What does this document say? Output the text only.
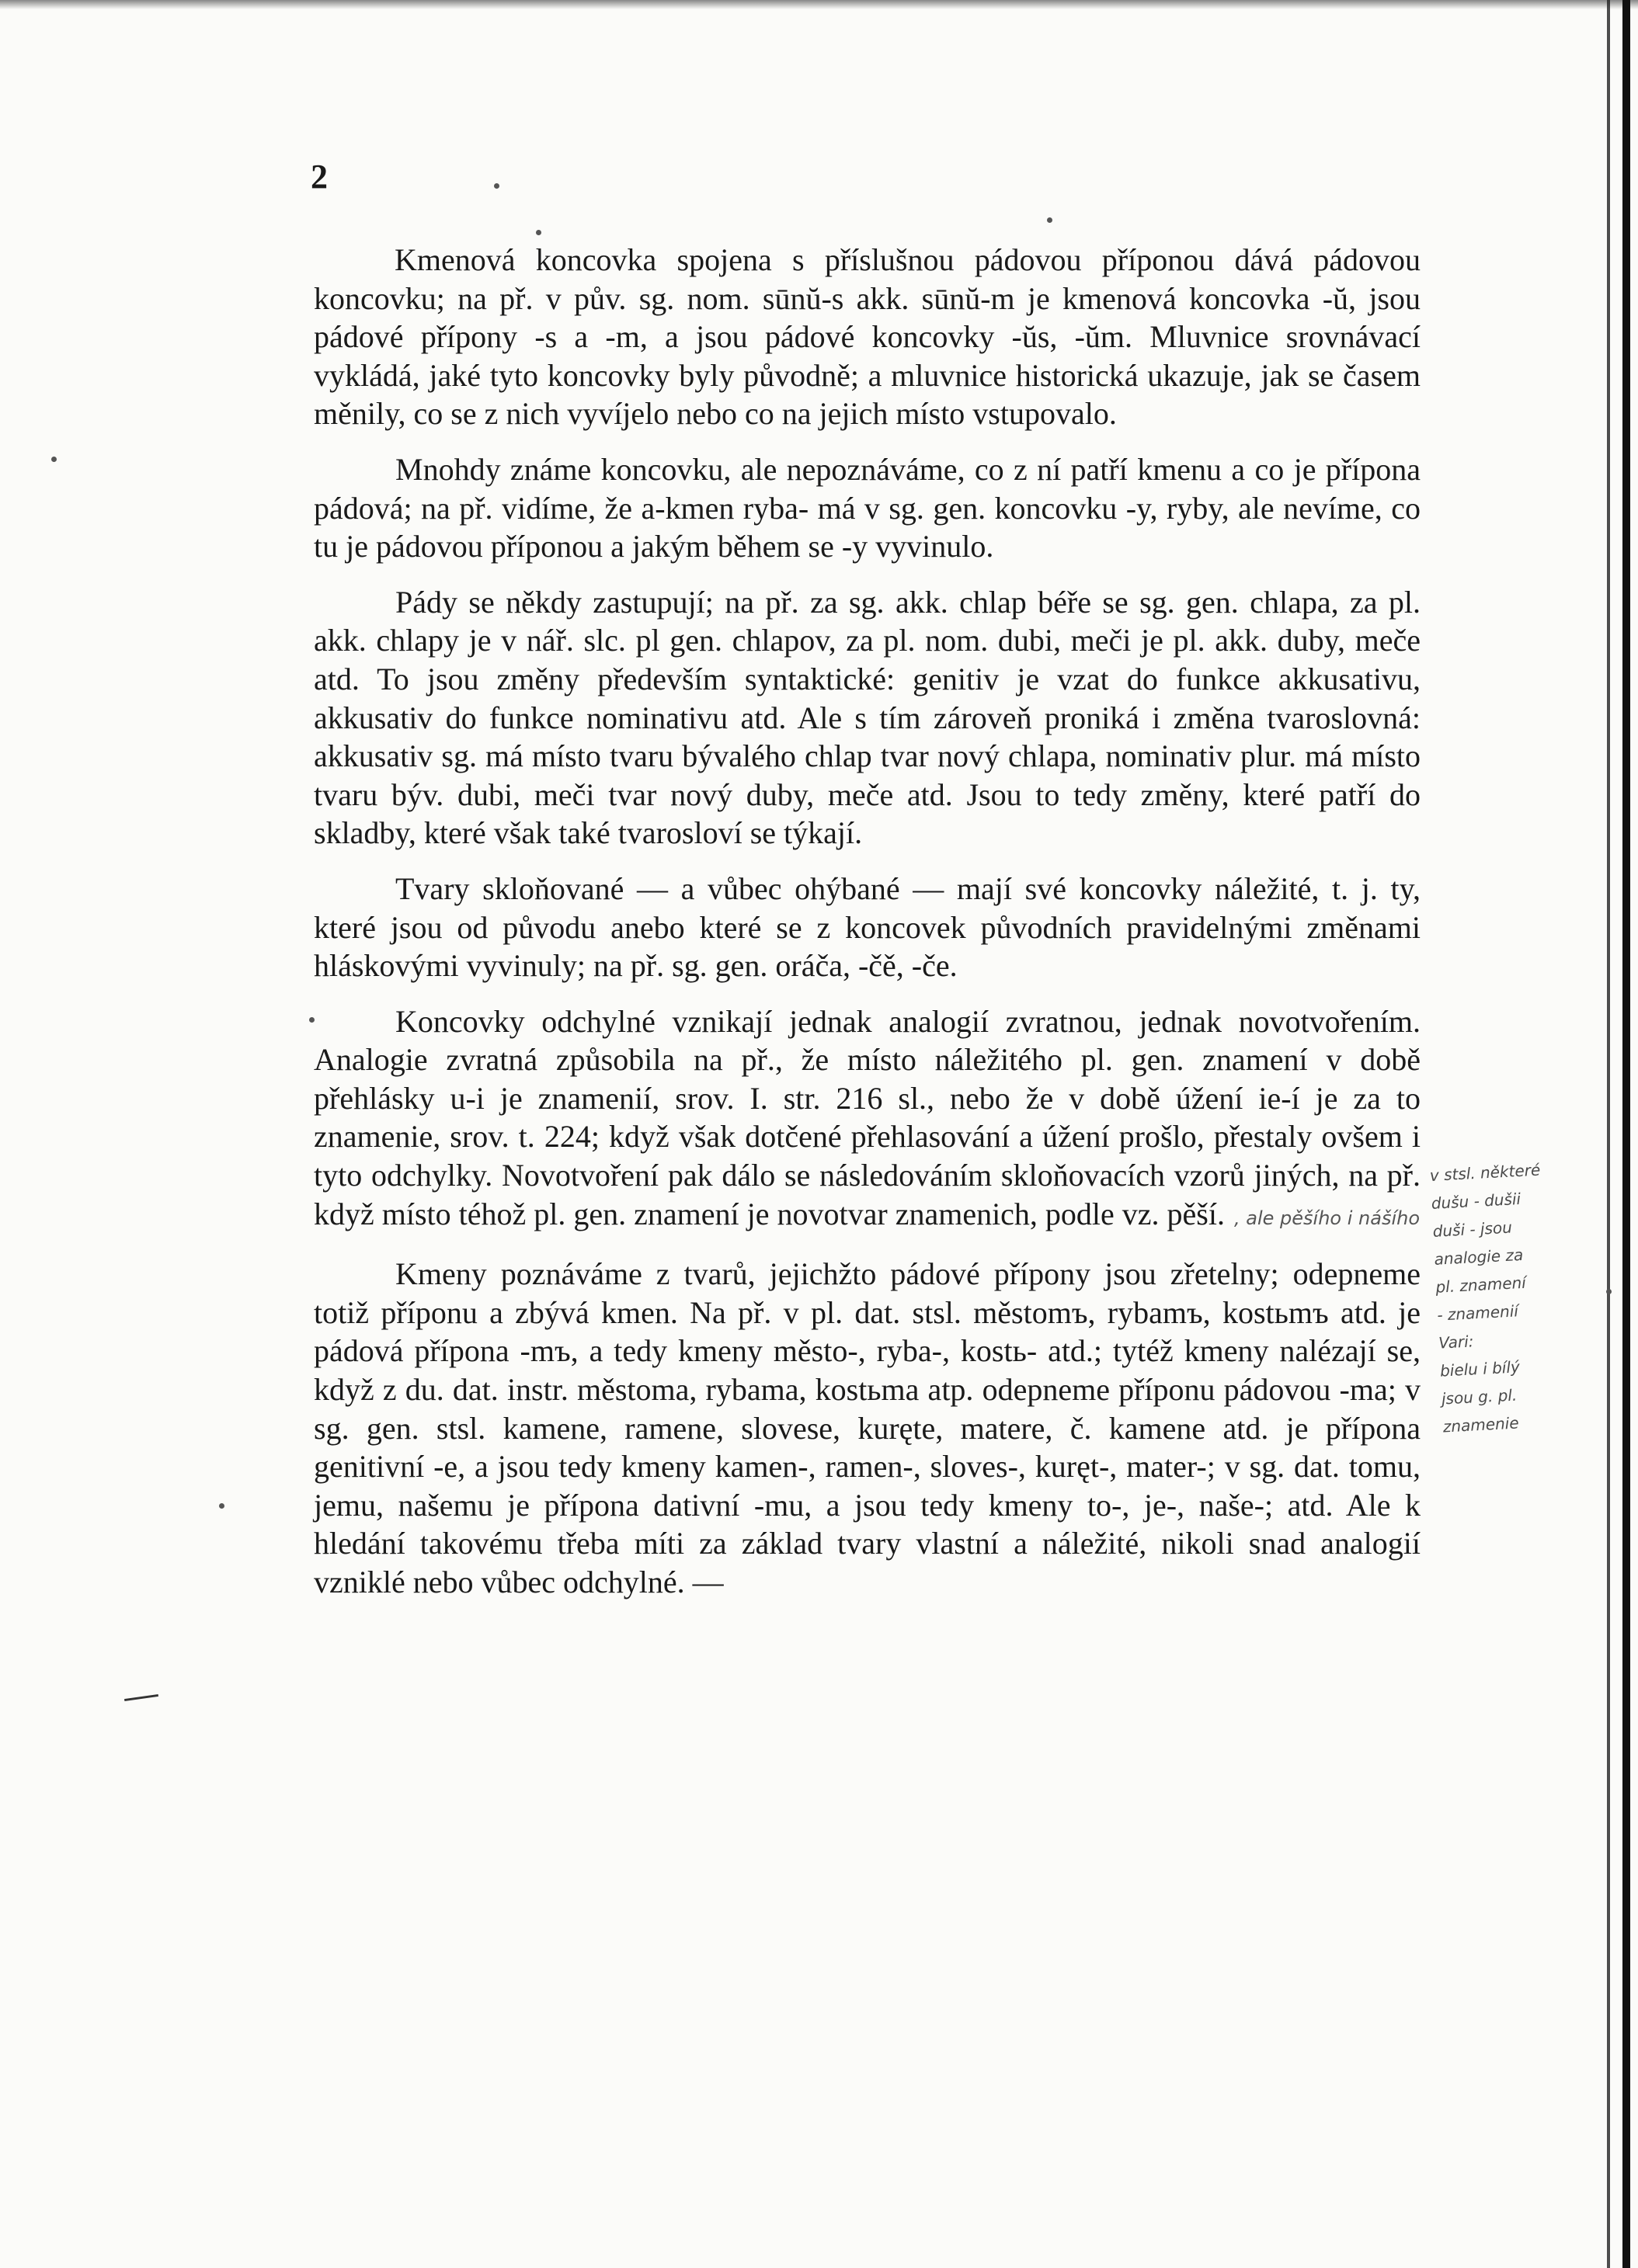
2

Kmenová koncovka spojena s příslušnou pádovou příponou dává pádovou koncovku; na př. v pův. sg. nom. sūnŭ-s akk. sūnŭ-m je kmenová koncovka -ŭ, jsou pádové přípony -s a -m, a jsou pádové koncovky -ŭs, -ŭm. Mluvnice srovnávací vykládá, jaké tyto koncovky byly původně; a mluvnice historická ukazuje, jak se časem měnily, co se z nich vyvíjelo nebo co na jejich místo vstupovalo.

Mnohdy známe koncovku, ale nepoznáváme, co z ní patří kmenu a co je přípona pádová; na př. vidíme, že a-kmen ryba- má v sg. gen. koncovku -y, ryby, ale nevíme, co tu je pádovou příponou a jakým během se -y vyvinulo.

Pády se někdy zastupují; na př. za sg. akk. chlap béře se sg. gen. chlapa, za pl. akk. chlapy je v nář. slc. pl gen. chlapov, za pl. nom. dubi, meči je pl. akk. duby, meče atd. To jsou změny především syntaktické: genitiv je vzat do funkce akkusativu, akkusativ do funkce nominativu atd. Ale s tím zároveň proniká i změna tvaroslovná: akkusativ sg. má místo tvaru bývalého chlap tvar nový chlapa, nominativ plur. má místo tvaru býv. dubi, meči tvar nový duby, meče atd. Jsou to tedy změny, které patří do skladby, které však také tvarosloví se týkají.

Tvary skloňované — a vůbec ohýbané — mají své koncovky náležité, t. j. ty, které jsou od původu anebo které se z koncovek původních pravidelnými změnami hláskovými vyvinuly; na př. sg. gen. oráča, -čě, -če.

Koncovky odchylné vznikají jednak analogií zvratnou, jednak novotvořením. Analogie zvratná způsobila na př., že místo náležitého pl. gen. znamení v době přehlásky u-i je znamenií, srov. I. str. 216 sl., nebo že v době úžení ie-í je za to znamenie, srov. t. 224; když však dotčené přehlasování a úžení prošlo, přestaly ovšem i tyto odchylky. Novotvoření pak dálo se následováním skloňovacích vzorů jiných, na př. když místo téhož pl. gen. znamení je novotvar znamenich, podle vz. pěší. , ale pěšího i nášího

Kmeny poznáváme z tvarů, jejichžto pádové přípony jsou zřetelny; odepneme totiž příponu a zbývá kmen. Na př. v pl. dat. stsl. městomъ, rybamъ, kostьmъ atd. je pádová přípona -mъ, a tedy kmeny město-, ryba-, kostь- atd.; tytéž kmeny nalézají se, když z du. dat. instr. městoma, rybama, kostьma atp. odepneme příponu pádovou -ma; v sg. gen. stsl. kamene, ramene, slovese, kuręte, matere, č. kamene atd. je přípona genitivní -e, a jsou tedy kmeny kamen-, ramen-, sloves-, kuręt-, mater-; v sg. dat. tomu, jemu, našemu je přípona dativní -mu, a jsou tedy kmeny to-, je-, naše-; atd. Ale k hledání takovému třeba míti za základ tvary vlastní a náležité, nikoli snad analogií vzniklé nebo vůbec odchylné. —

v stsl. některé
dušu - dušii
duši - jsou
analogie za
pl. znamení
- znamenií
Vari:
bielu i bílý
jsou g. pl.
znamenie
